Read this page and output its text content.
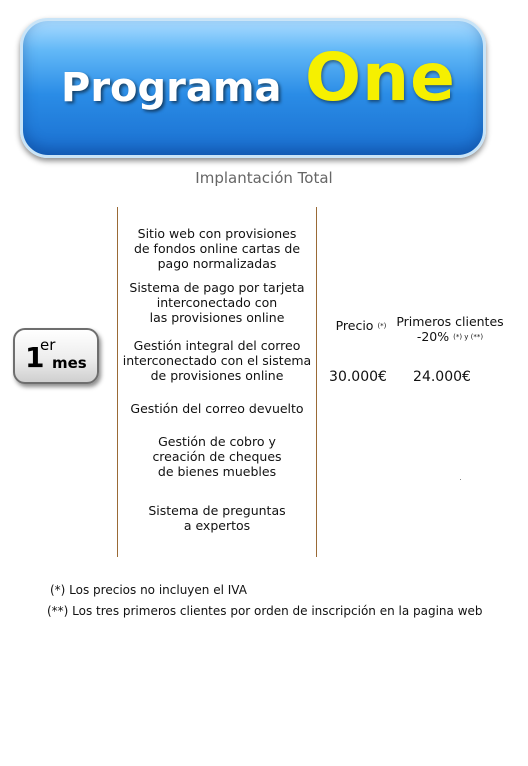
Programa One
Implantación Total
1
er
mes
Sitio web con provisiones
de fondos online cartas de
pago normalizadas
Sistema de pago por tarjeta
interconectado con
las provisiones online
Gestión integral del correo
interconectado con el sistema
de provisiones online
Gestión del correo devuelto
Gestión de cobro y
creación de cheques
de bienes muebles
Sistema de preguntas
a expertos
Precio (*)
30.000€
Primeros clientes
-20% (*) y (**)
24.000€
(*) Los precios no incluyen el IVA
(**) Los tres primeros clientes por orden de inscripción en la pagina web
